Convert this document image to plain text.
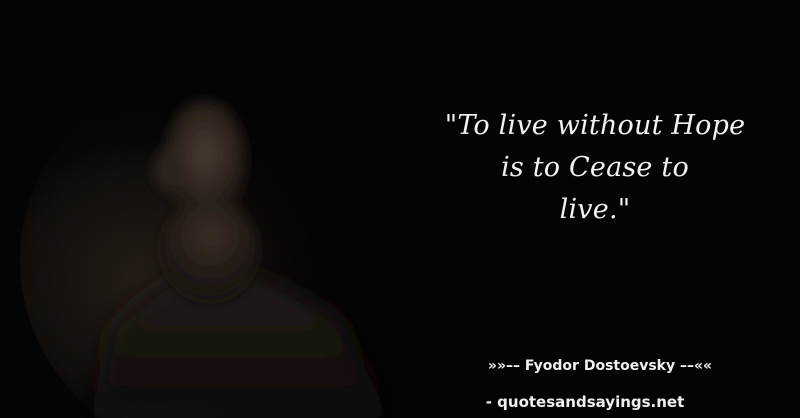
"To live without Hope
is to Cease to
live."

»»–– Fyodor Dostoevsky ––««

- quotesandsayings.net
